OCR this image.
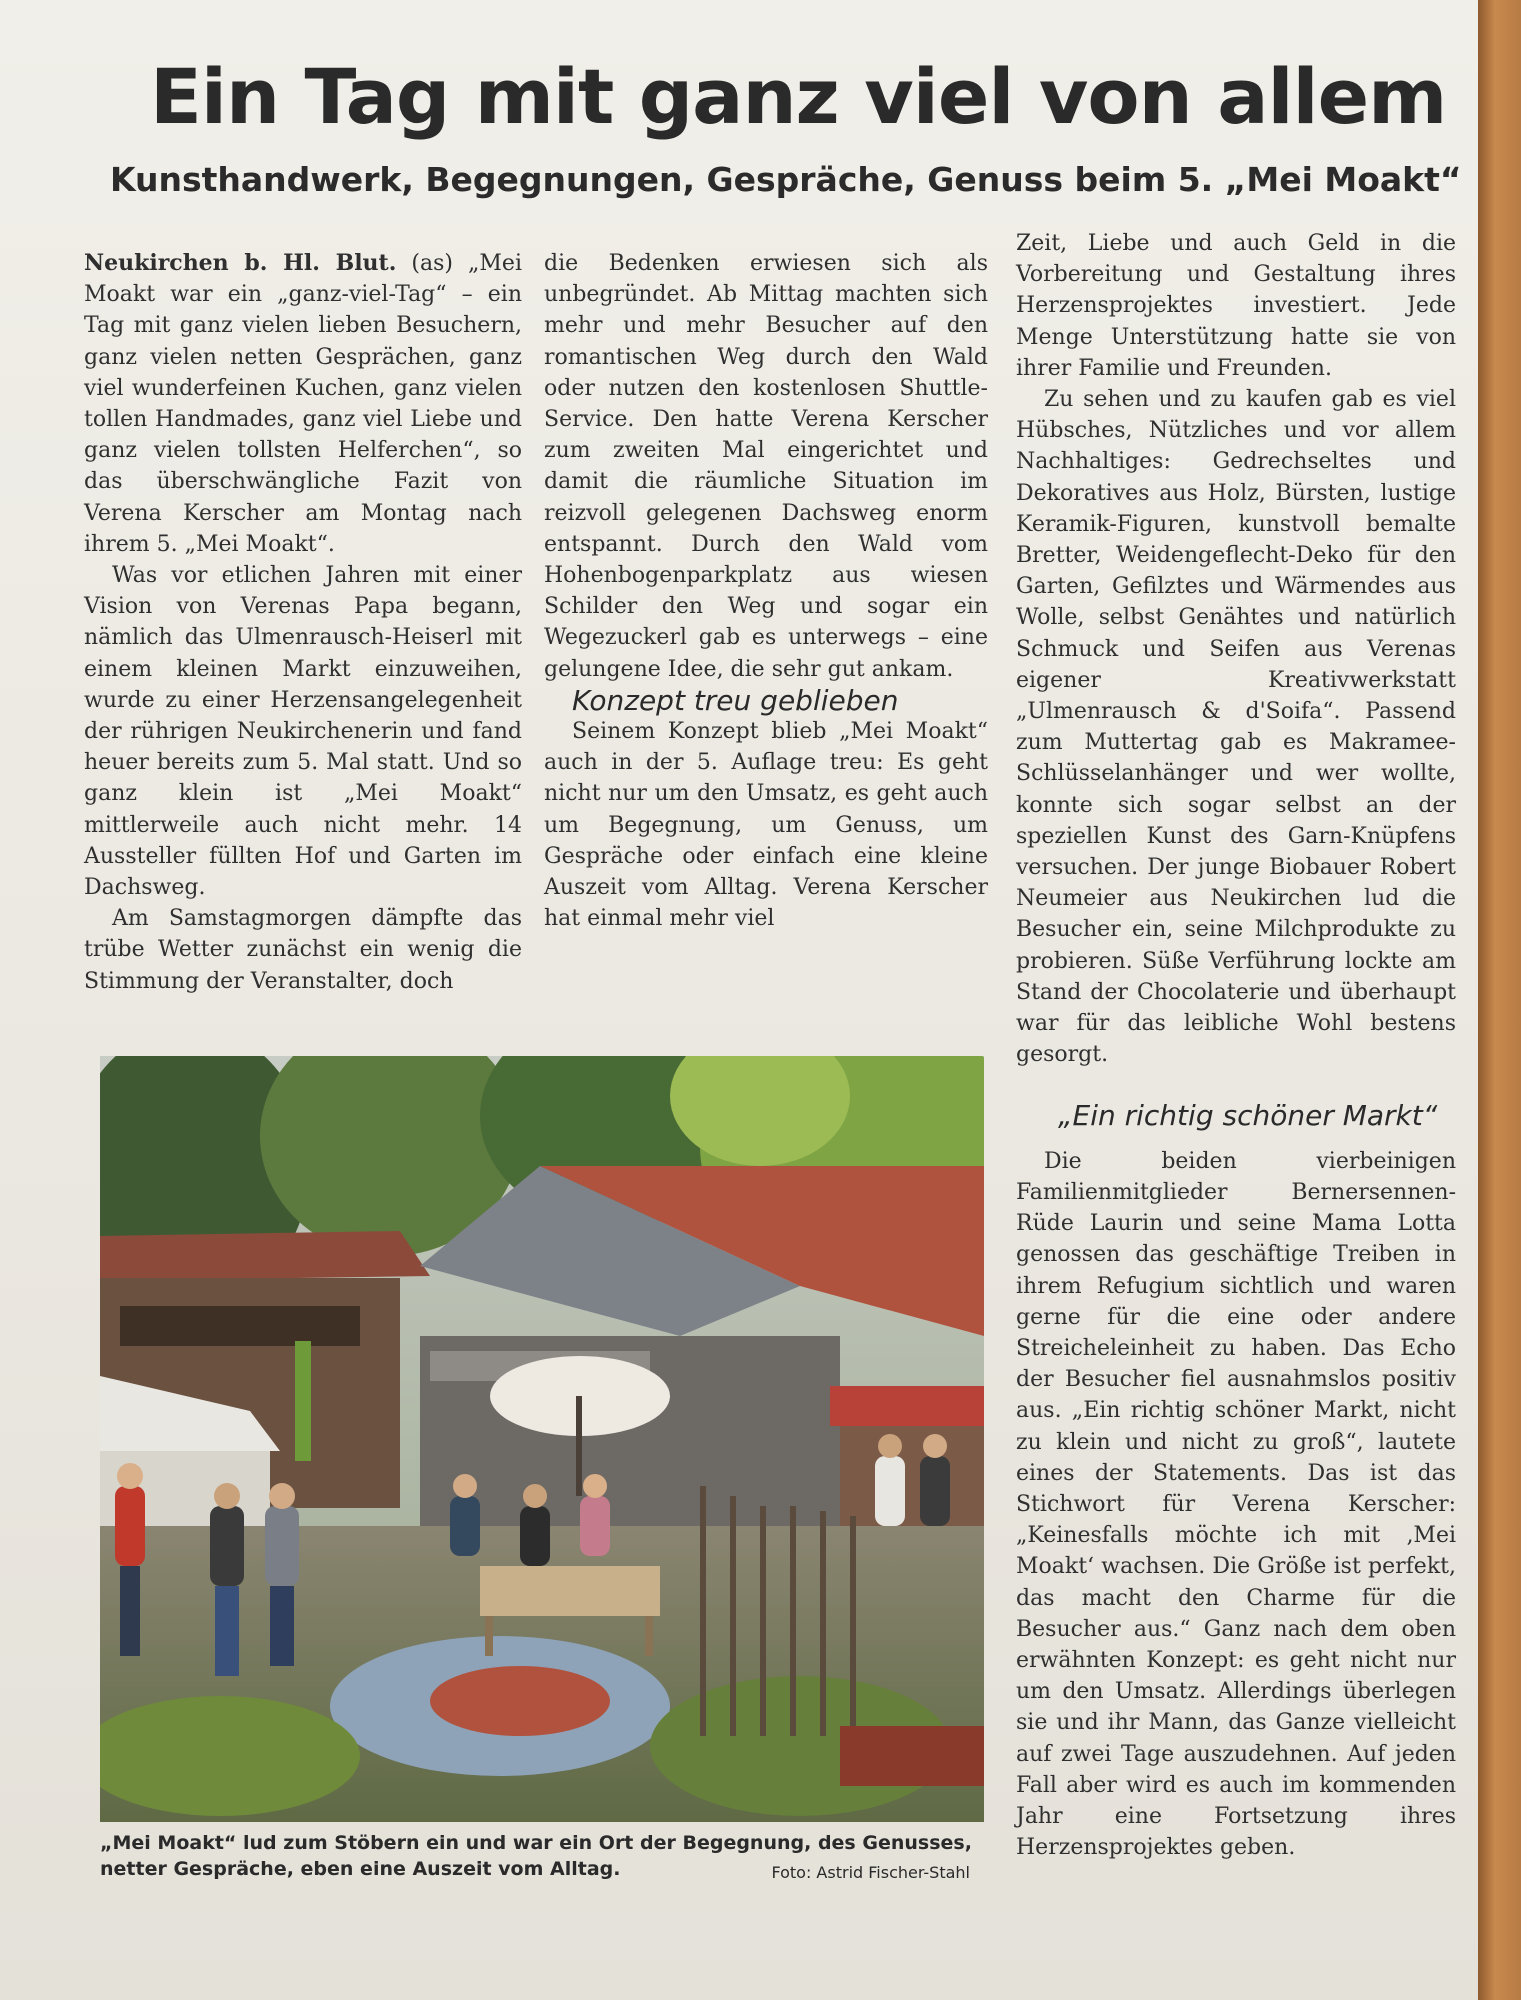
Ein Tag mit ganz viel von allem
Kunsthandwerk, Begegnungen, Gespräche, Genuss beim 5. „Mei Moakt“

Neukirchen b. Hl. Blut. (as) „Mei Moakt war ein „ganz-viel-Tag“ – ein Tag mit ganz vielen lieben Besuchern, ganz vielen netten Gesprächen, ganz viel wunderfeinen Kuchen, ganz vielen tollen Handmades, ganz viel Liebe und ganz vielen tollsten Helferchen“, so das überschwängliche Fazit von Verena Kerscher am Montag nach ihrem 5. „Mei Moakt“.

Was vor etlichen Jahren mit einer Vision von Verenas Papa begann, nämlich das Ulmenrausch-Heiserl mit einem kleinen Markt einzuweihen, wurde zu einer Herzensangelegenheit der rührigen Neukirchenerin und fand heuer bereits zum 5. Mal statt. Und so ganz klein ist „Mei Moakt“ mittlerweile auch nicht mehr. 14 Aussteller füllten Hof und Garten im Dachsweg.

Am Samstagmorgen dämpfte das trübe Wetter zunächst ein wenig die Stimmung der Veranstalter, doch

die Bedenken erwiesen sich als unbegründet. Ab Mittag machten sich mehr und mehr Besucher auf den romantischen Weg durch den Wald oder nutzen den kostenlosen Shuttle-Service. Den hatte Verena Kerscher zum zweiten Mal eingerichtet und damit die räumliche Situation im reizvoll gelegenen Dachsweg enorm entspannt. Durch den Wald vom Hohenbogenparkplatz aus wiesen Schilder den Weg und sogar ein Wegezuckerl gab es unterwegs – eine gelungene Idee, die sehr gut ankam.

Konzept treu geblieben

Seinem Konzept blieb „Mei Moakt“ auch in der 5. Auflage treu: Es geht nicht nur um den Umsatz, es geht auch um Begegnung, um Genuss, um Gespräche oder einfach eine kleine Auszeit vom Alltag. Verena Kerscher hat einmal mehr viel

Zeit, Liebe und auch Geld in die Vorbereitung und Gestaltung ihres Herzensprojektes investiert. Jede Menge Unterstützung hatte sie von ihrer Familie und Freunden.

Zu sehen und zu kaufen gab es viel Hübsches, Nützliches und vor allem Nachhaltiges: Gedrechseltes und Dekoratives aus Holz, Bürsten, lustige Keramik-Figuren, kunstvoll bemalte Bretter, Weidengeflecht-Deko für den Garten, Gefilztes und Wärmendes aus Wolle, selbst Genähtes und natürlich Schmuck und Seifen aus Verenas eigener Kreativwerkstatt „Ulmenrausch & d'Soifa“. Passend zum Muttertag gab es Makramee-Schlüsselanhänger und wer wollte, konnte sich sogar selbst an der speziellen Kunst des Garn-Knüpfens versuchen. Der junge Biobauer Robert Neumeier aus Neukirchen lud die Besucher ein, seine Milchprodukte zu probieren. Süße Verführung lockte am Stand der Chocolaterie und überhaupt war für das leibliche Wohl bestens gesorgt.

„Ein richtig schöner Markt“

Die beiden vierbeinigen Familienmitglieder Bernersennen-Rüde Laurin und seine Mama Lotta genossen das geschäftige Treiben in ihrem Refugium sichtlich und waren gerne für die eine oder andere Streicheleinheit zu haben. Das Echo der Besucher fiel ausnahmslos positiv aus. „Ein richtig schöner Markt, nicht zu klein und nicht zu groß“, lautete eines der Statements. Das ist das Stichwort für Verena Kerscher: „Keinesfalls möchte ich mit ‚Mei Moakt‘ wachsen. Die Größe ist perfekt, das macht den Charme für die Besucher aus.“ Ganz nach dem oben erwähnten Konzept: es geht nicht nur um den Umsatz. Allerdings überlegen sie und ihr Mann, das Ganze vielleicht auf zwei Tage auszudehnen. Auf jeden Fall aber wird es auch im kommenden Jahr eine Fortsetzung ihres Herzensprojektes geben.

„Mei Moakt“ lud zum Stöbern ein und war ein Ort der Begegnung, des Genusses, netter Gespräche, eben eine Auszeit vom Alltag.	Foto: Astrid Fischer-Stahl
